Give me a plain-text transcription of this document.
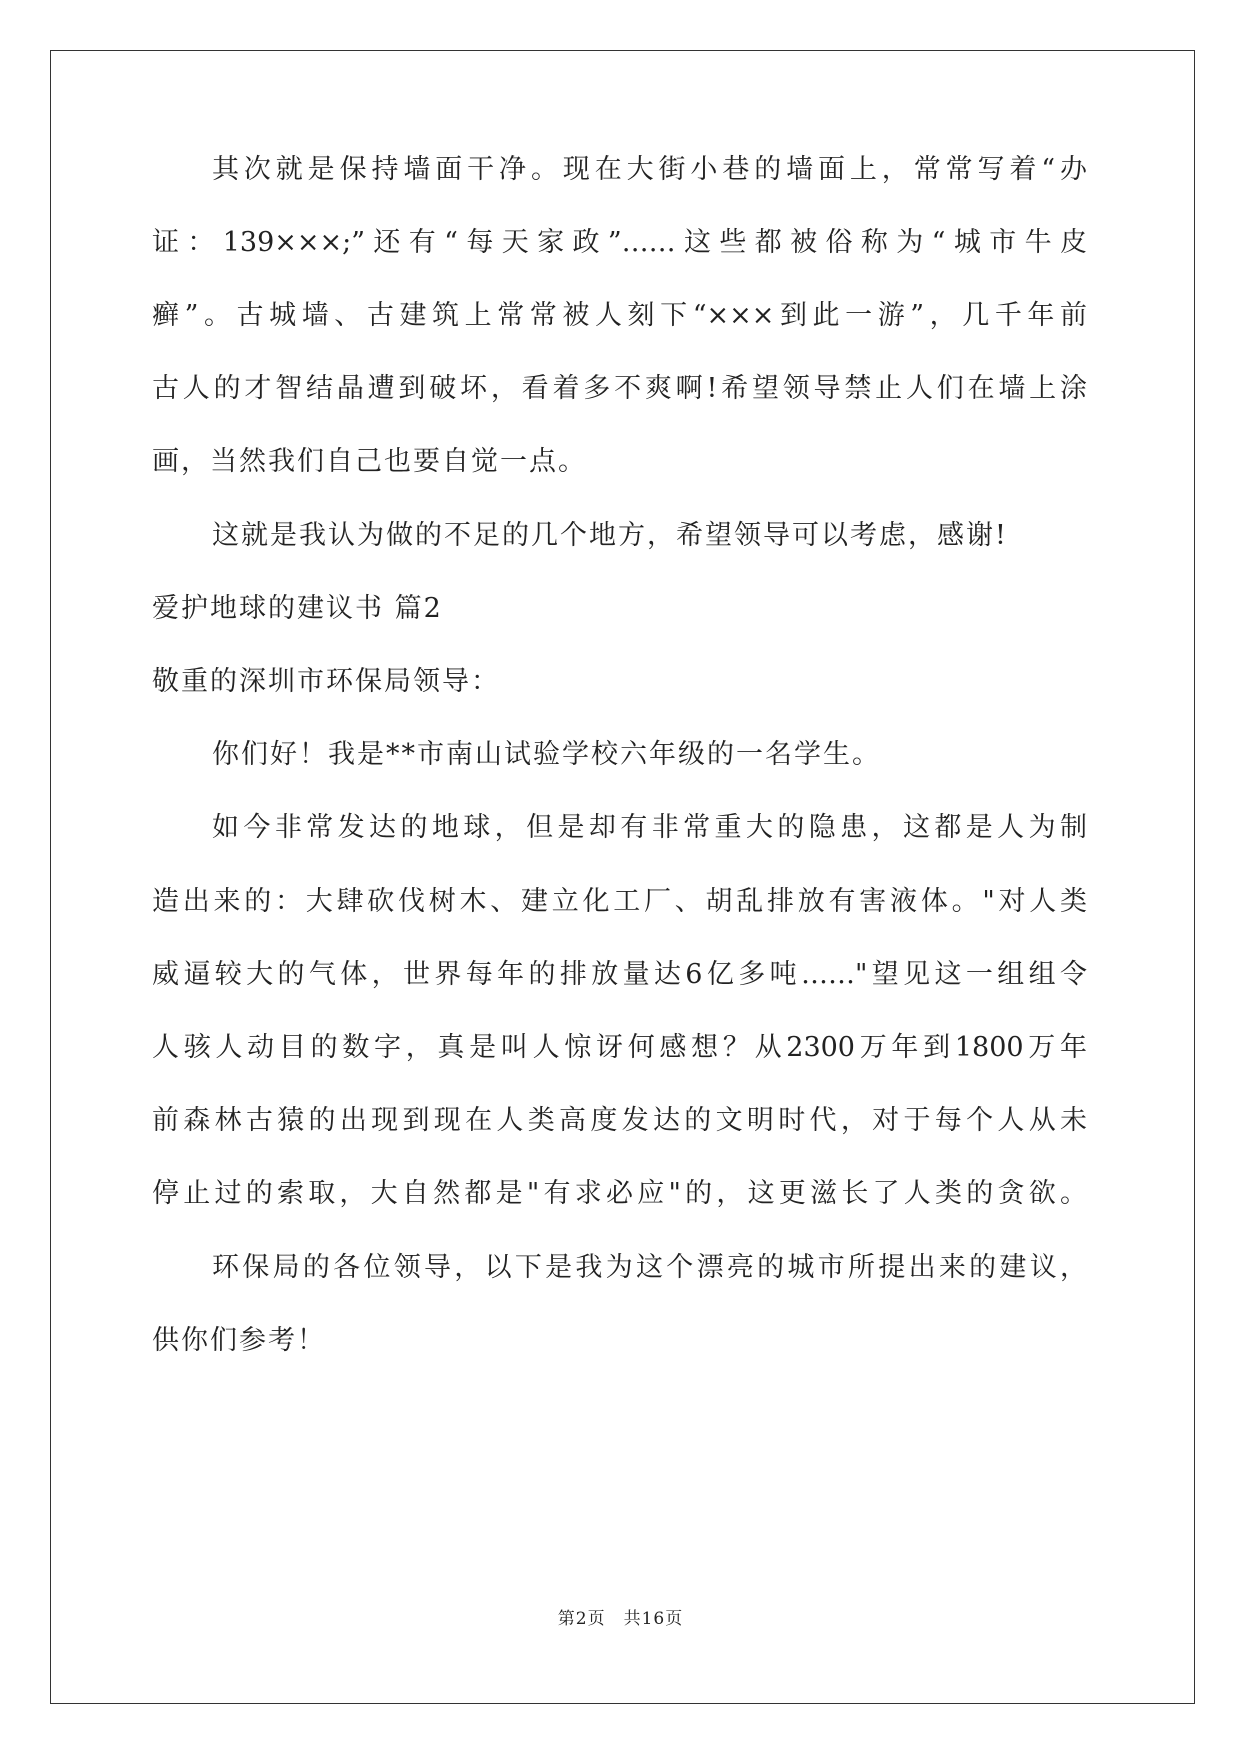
其次就是保持墙面干净。现在大街小巷的墙面上，常常写着“办
证：139×××;”还有“每天家政”……这些都被俗称为“城市牛皮
癣”。古城墙、古建筑上常常被人刻下“×××到此一游”，几千年前
古人的才智结晶遭到破坏，看着多不爽啊!希望领导禁止人们在墙上涂
画，当然我们自己也要自觉一点。
这就是我认为做的不足的几个地方，希望领导可以考虑，感谢!
爱护地球的建议书 篇2
敬重的深圳市环保局领导：
你们好！我是**市南山试验学校六年级的一名学生。
如今非常发达的地球，但是却有非常重大的隐患，这都是人为制
造出来的：大肆砍伐树木、建立化工厂、胡乱排放有害液体。"对人类
威逼较大的气体，世界每年的排放量达6亿多吨……"望见这一组组令
人骇人动目的数字，真是叫人惊讶何感想？从2300万年到1800万年
前森林古猿的出现到现在人类高度发达的文明时代，对于每个人从未
停止过的索取，大自然都是"有求必应"的，这更滋长了人类的贪欲。
环保局的各位领导，以下是我为这个漂亮的城市所提出来的建议，
供你们参考！
第2页　共16页
